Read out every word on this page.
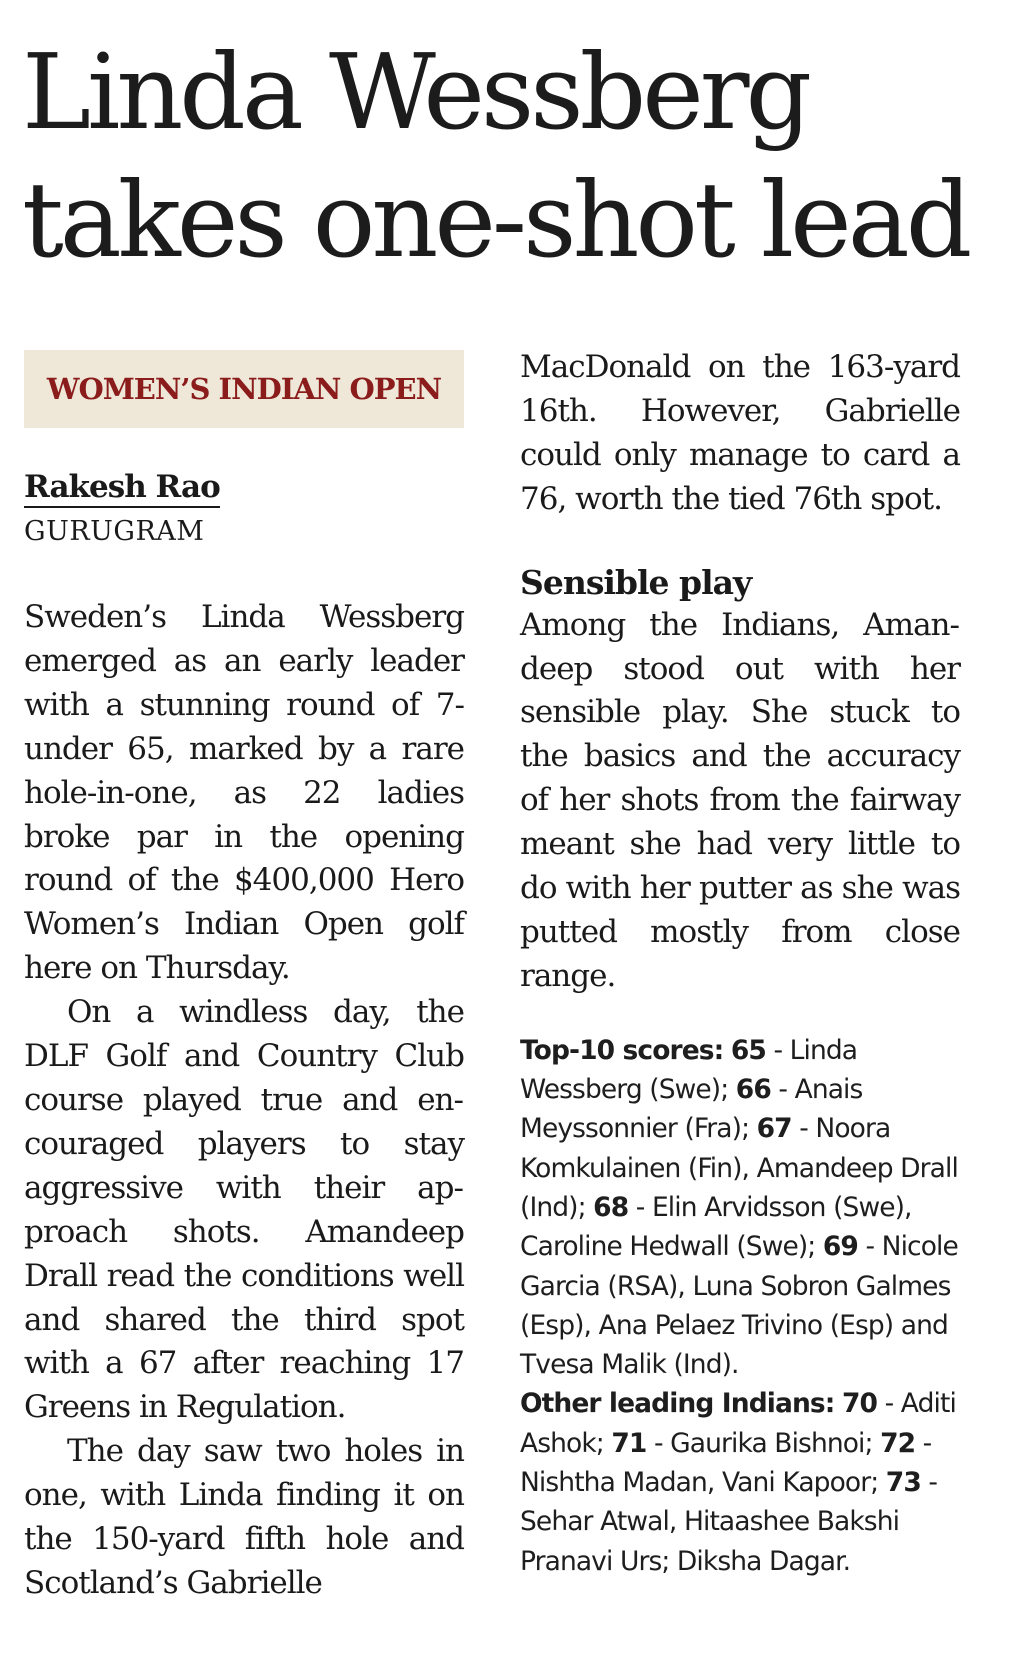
Linda Wessberg
takes one-shot lead
WOMEN’S INDIAN OPEN
Rakesh Rao
GURUGRAM

Sweden’s Linda Wessberg emerged as an early leader with a stunning round of 7-​under 65, marked by a rare hole-in-one, as 22 ladies broke par in the opening round of the $400,000 Hero Women’s Indian Open golf here on Thursday.

On a windless day, the DLF Golf and Country Club course played true and encouraged players to stay aggressive with their approach shots. Amandeep Drall read the conditions well and shared the third spot with a 67 after reaching 17 Greens in Regulation.

The day saw two holes in one, with Linda finding it on the 150-yard fifth hole and Scotland’s Gabrielle

MacDonald on the 163-yard 16th. However, Gabrielle could only manage to card a 76, worth the tied 76th spot.

Sensible play

Among the Indians, Amandeep stood out with her sensible play. She stuck to the basics and the accuracy of her shots from the fairway meant she had very little to do with her putter as she was putted mostly from close range.

Top-10 scores: 65 - Linda Wessberg (Swe); 66 - Anais Meyssonnier (Fra); 67 - Noora Komkulainen (Fin), Amandeep Drall (Ind); 68 - Elin Arvidsson (Swe), Caroline Hedwall (Swe); 69 - Nicole Garcia (RSA), Luna Sobron Galmes (Esp), Ana Pelaez Trivino (Esp) and Tvesa Malik (Ind).

Other leading Indians: 70 - Aditi Ashok; 71 - Gaurika Bishnoi; 72 - Nishtha Madan, Vani Kapoor; 73 - Sehar Atwal, Hitaashee Bakshi Pranavi Urs; Diksha Dagar.
